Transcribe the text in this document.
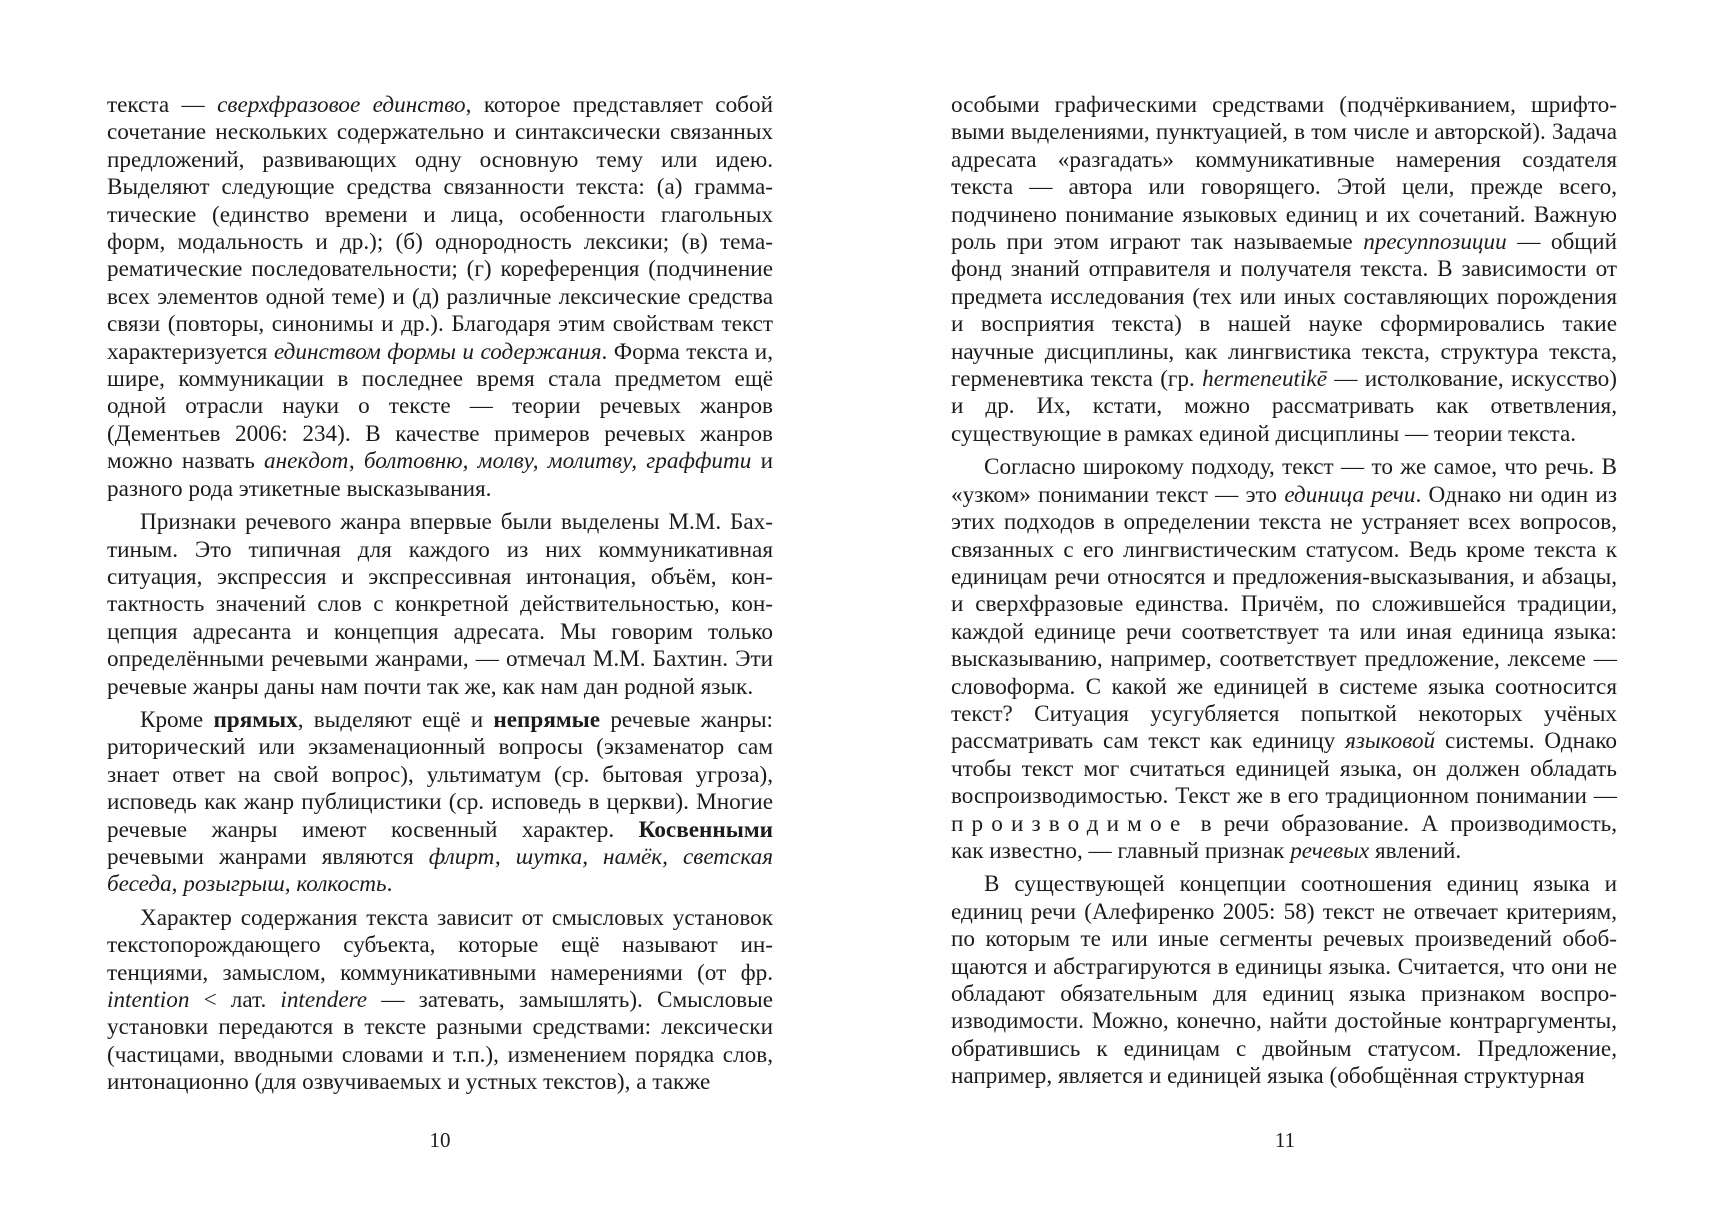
текста — сверхфразовое единство, которое представляет собой сочетание нескольких содержательно и синтаксически связанных предложений, развивающих одну основную тему или идею. Выделяют следующие средства связанности текста: (а) грамматические (единство времени и лица, особенности глагольных форм, модальность и др.); (б) однородность лексики; (в) тема-рематические последовательности; (г) кореференция (подчинение всех элементов одной теме) и (д) различные лексические средства связи (повторы, синонимы и др.). Благодаря этим свойствам текст характеризуется единством формы и содержания. Форма текста и, шире, коммуникации в последнее время стала предметом ещё одной отрасли науки о тексте — теории речевых жанров (Дементьев 2006: 234). В качестве примеров речевых жанров можно назвать анекдот, болтовню, молву, молитву, граффити и разного рода этикетные высказывания.

Признаки речевого жанра впервые были выделены М.М. Бахтиным. Это типичная для каждого из них коммуникативная ситуация, экспрессия и экспрессивная интонация, объём, контактность значений слов с конкретной действительностью, концепция адресанта и концепция адресата. Мы говорим только определёнными речевыми жанрами, — отмечал М.М. Бахтин. Эти речевые жанры даны нам почти так же, как нам дан родной язык.

Кроме прямых, выделяют ещё и непрямые речевые жанры: риторический или экзаменационный вопросы (экзаменатор сам знает ответ на свой вопрос), ультиматум (ср. бытовая угроза), исповедь как жанр публицистики (ср. исповедь в церкви). Многие речевые жанры имеют косвенный характер. Косвенными речевыми жанрами являются флирт, шутка, намёк, светская беседа, розыгрыш, колкость.

Характер содержания текста зависит от смысловых установок текстопорождающего субъекта, которые ещё называют интенциями, замыслом, коммуникативными намерениями (от фр. intention < лат. intendere — затевать, замышлять). Смысловые установки передаются в тексте разными средствами: лексически (частицами, вводными словами и т.п.), изменением порядка слов, интонационно (для озвучиваемых и устных текстов), а также

10

особыми графическими средствами (подчёркиванием, шрифтовыми выделениями, пунктуацией, в том числе и авторской). Задача адресата «разгадать» коммуникативные намерения создателя текста — автора или говорящего. Этой цели, прежде всего, подчинено понимание языковых единиц и их сочетаний. Важную роль при этом играют так называемые пресуппозиции — общий фонд знаний отправителя и получателя текста. В зависимости от предмета исследования (тех или иных составляющих порождения и восприятия текста) в нашей науке сформировались такие научные дисциплины, как лингвистика текста, структура текста, герменевтика текста (гр. hermeneutikē — истолкование, искусство) и др. Их, кстати, можно рассматривать как ответвления, существующие в рамках единой дисциплины — теории текста.

Согласно широкому подходу, текст — то же самое, что речь. В «узком» понимании текст — это единица речи. Однако ни один из этих подходов в определении текста не устраняет всех вопросов, связанных с его лингвистическим статусом. Ведь кроме текста к единицам речи относятся и предложения-высказывания, и абзацы, и сверхфразовые единства. Причём, по сложившейся традиции, каждой единице речи соответствует та или иная единица языка: высказыванию, например, соответствует предложение, лексеме — словоформа. С какой же единицей в системе языка соотносится текст? Ситуация усугубляется попыткой некоторых учёных рассматривать сам текст как единицу языковой системы. Однако чтобы текст мог считаться единицей языка, он должен обладать воспроизводимостью. Текст же в его традиционном понимании — производимое в речи образование. А производимость, как известно, — главный признак речевых явлений.

В существующей концепции соотношения единиц языка и единиц речи (Алефиренко 2005: 58) текст не отвечает критериям, по которым те или иные сегменты речевых произведений обобщаются и абстрагируются в единицы языка. Считается, что они не обладают обязательным для единиц языка признаком воспроизводимости. Можно, конечно, найти достойные контраргументы, обратившись к единицам с двойным статусом. Предложение, например, является и единицей языка (обобщённая структурная

11
